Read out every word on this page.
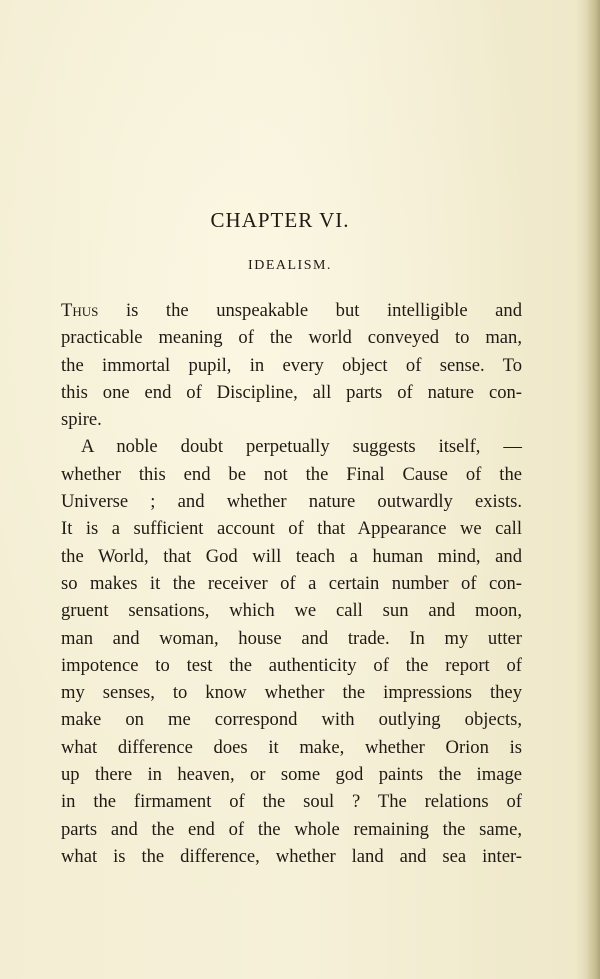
CHAPTER VI.
IDEALISM.
Thus is the unspeakable but intelligible and
practicable meaning of the world conveyed to man,
the immortal pupil, in every object of sense. To
this one end of Discipline, all parts of nature con-
spire.
A noble doubt perpetually suggests itself, —
whether this end be not the Final Cause of the
Universe ; and whether nature outwardly exists.
It is a sufficient account of that Appearance we call
the World, that God will teach a human mind, and
so makes it the receiver of a certain number of con-
gruent sensations, which we call sun and moon,
man and woman, house and trade. In my utter
impotence to test the authenticity of the report of
my senses, to know whether the impressions they
make on me correspond with outlying objects,
what difference does it make, whether Orion is
up there in heaven, or some god paints the image
in the firmament of the soul ? The relations of
parts and the end of the whole remaining the same,
what is the difference, whether land and sea inter-
